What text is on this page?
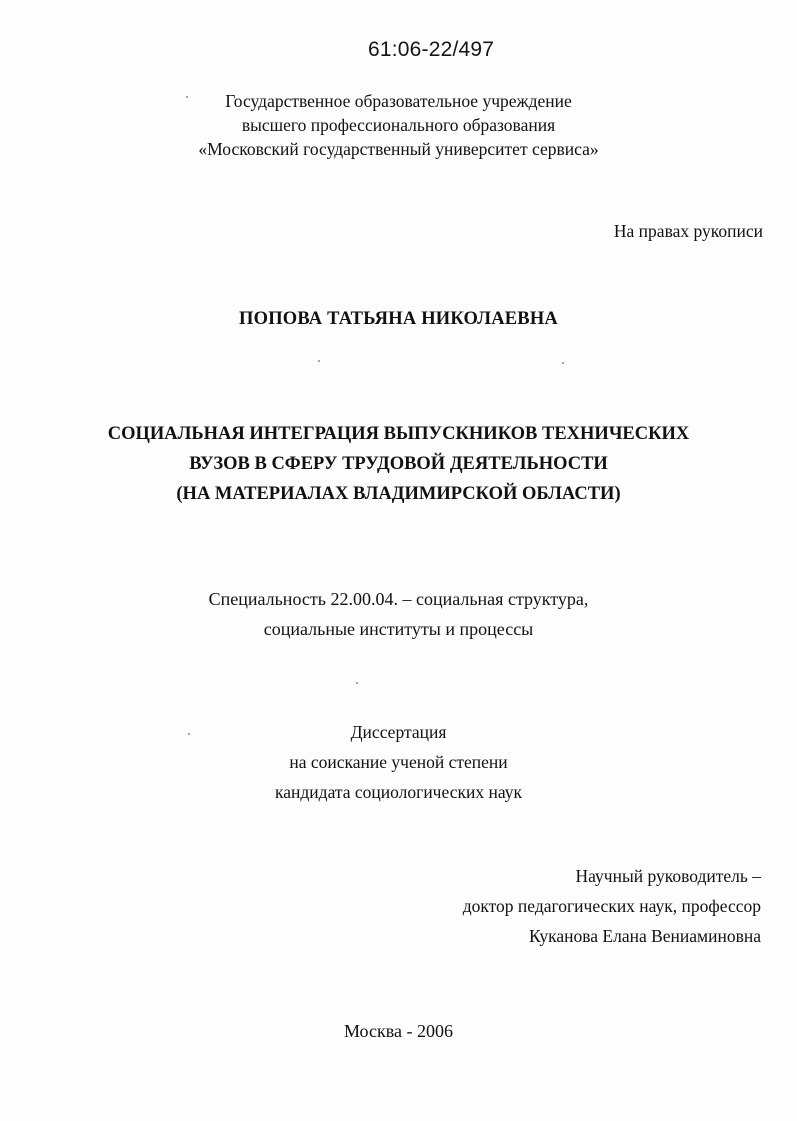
61:06-22/497
Государственное образовательное учреждение
высшего профессионального образования
«Московский государственный университет сервиса»
На правах рукописи
ПОПОВА ТАТЬЯНА НИКОЛАЕВНА
СОЦИАЛЬНАЯ ИНТЕГРАЦИЯ ВЫПУСКНИКОВ ТЕХНИЧЕСКИХ
ВУЗОВ В СФЕРУ ТРУДОВОЙ ДЕЯТЕЛЬНОСТИ
(НА МАТЕРИАЛАХ ВЛАДИМИРСКОЙ ОБЛАСТИ)
Специальность 22.00.04. – социальная структура,
социальные институты и процессы
Диссертация
на соискание ученой степени
кандидата социологических наук
Научный руководитель –
доктор педагогических наук, профессор
Куканова Елана Вениаминовна
Москва - 2006
